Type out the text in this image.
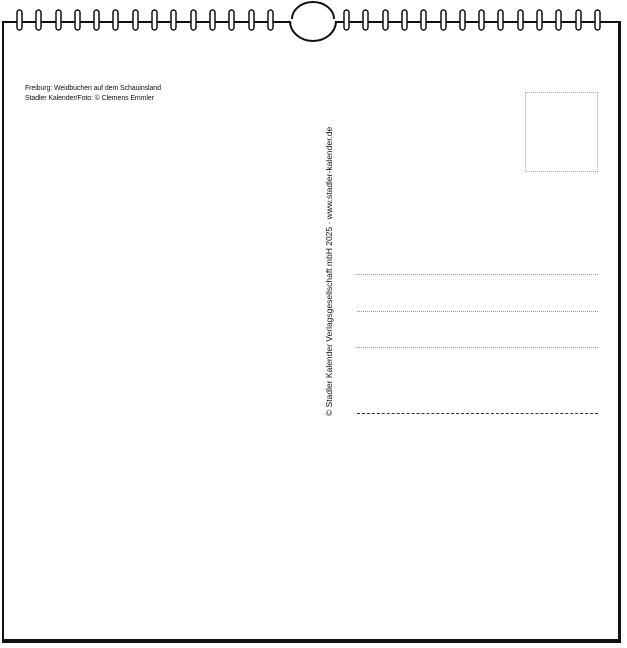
Freiburg: Weidbuchen auf dem Schauinsland
Stadler Kalender/Foto: © Clemens Emmler
© Stadler Kalender Verlagsgesellschaft mbH 2025 · www.stadler-kalender.de
